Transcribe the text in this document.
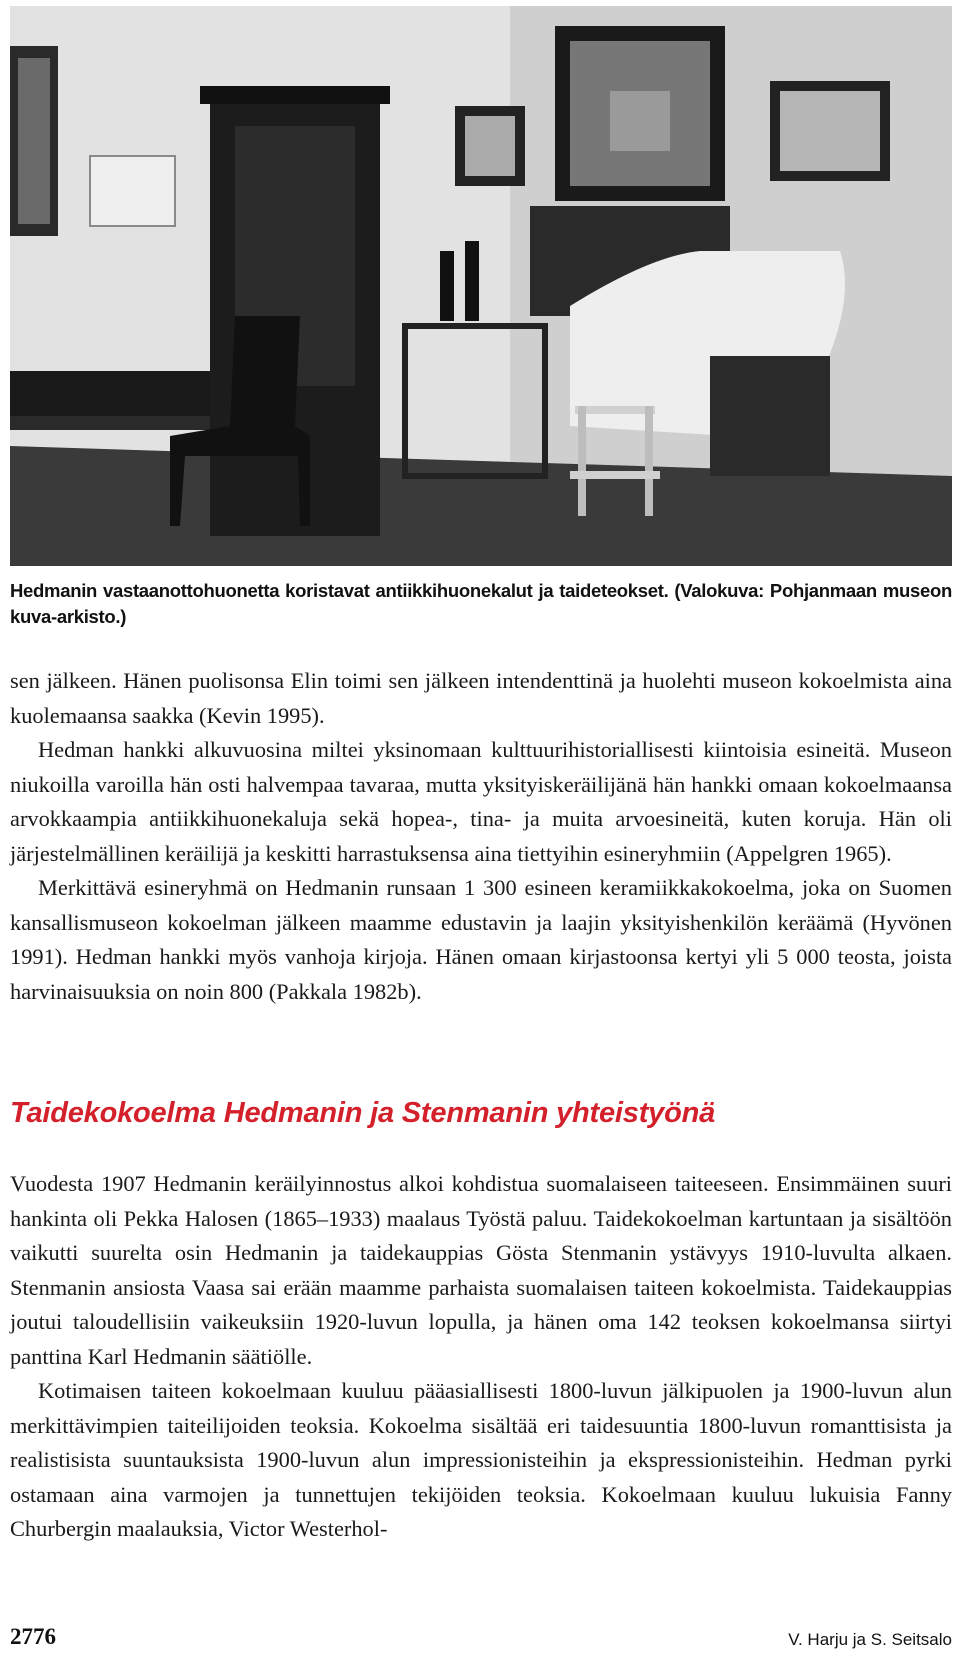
Hedmanin vastaanottohuonetta koristavat antiikkihuonekalut ja taideteokset. (Valokuva: Pohjanmaan museon kuva-arkisto.)

sen jälkeen. Hänen puolisonsa Elin toimi sen jälkeen intendenttinä ja huolehti museon kokoelmista aina kuolemaansa saakka (Kevin 1995).

Hedman hankki alkuvuosina miltei yksinomaan kulttuurihistoriallisesti kiintoisia esineitä. Museon niukoilla varoilla hän osti halvempaa tavaraa, mutta yksityiskeräilijänä hän hankki omaan kokoelmaansa arvokkaampia antiikkihuonekaluja sekä hopea-, tina- ja muita arvoesineitä, kuten koruja. Hän oli järjestelmällinen keräilijä ja keskitti harrastuksensa aina tiettyihin esineryhmiin (Appelgren 1965).

Merkittävä esineryhmä on Hedmanin runsaan 1 300 esineen keramiikkakokoelma, joka on Suomen kansallismuseon kokoelman jälkeen maamme edustavin ja laajin yksityishenkilön keräämä (Hyvönen 1991). Hedman hankki myös vanhoja kirjoja. Hänen omaan kirjastoonsa kertyi yli 5 000 teosta, joista harvinaisuuksia on noin 800 (Pakkala 1982b).

Taidekokoelma Hedmanin ja Stenmanin yhteistyönä

Vuodesta 1907 Hedmanin keräilyinnostus alkoi kohdistua suomalaiseen taiteeseen. Ensimmäinen suuri hankinta oli Pekka Halosen (1865–1933) maalaus Työstä paluu. Taidekokoelman kartuntaan ja sisältöön vaikutti suurelta osin Hedmanin ja taidekauppias Gösta Stenmanin ystävyys 1910-luvulta alkaen. Stenmanin ansiosta Vaasa sai erään maamme parhaista suomalaisen taiteen kokoelmista. Taidekauppias joutui taloudellisiin vaikeuksiin 1920-luvun lopulla, ja hänen oma 142 teoksen kokoelmansa siirtyi panttina Karl Hedmanin säätiölle.

Kotimaisen taiteen kokoelmaan kuuluu pääasiallisesti 1800-luvun jälkipuolen ja 1900-luvun alun merkittävimpien taiteilijoiden teoksia. Kokoelma sisältää eri taidesuuntia 1800-luvun romanttisista ja realistisista suuntauksista 1900-luvun alun impressionisteihin ja ekspressionisteihin. Hedman pyrki ostamaan aina varmojen ja tunnettujen tekijöiden teoksia. Kokoelmaan kuuluu lukuisia Fanny Churbergin maalauksia, Victor Westerhol-

2776	V. Harju ja S. Seitsalo
